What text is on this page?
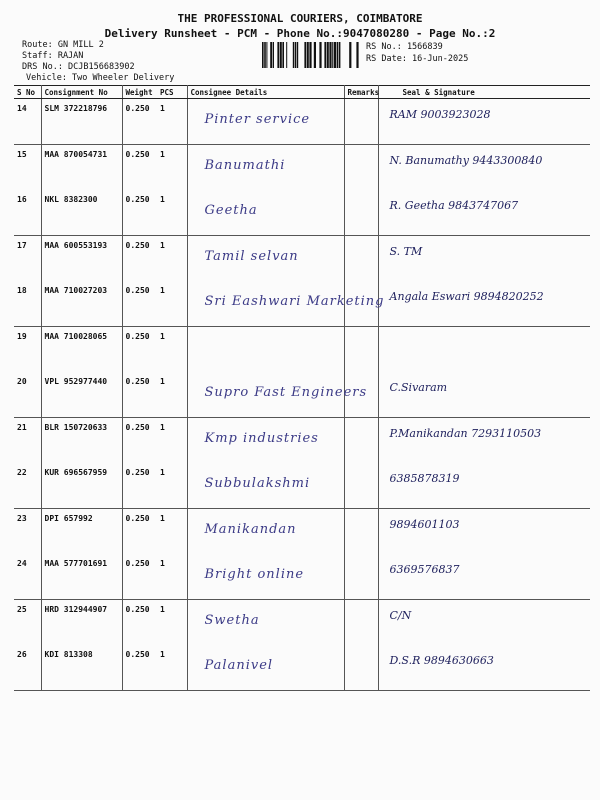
THE PROFESSIONAL COURIERS, COIMBATORE
Delivery Runsheet - PCM - Phone No.:9047080280 - Page No.:2
Route: GN MILL 2
Staff: RAJAN
DRS No.: DCJB156683902
Vehicle: Two Wheeler Delivery
RS No.: 1566839
RS Date: 16-Jun-2025
S No	Consignment No	Weight	PCS	Consignee Details	Remarks	Seal & Signature
14	SLM 372218796	0.250	1	Pinter service		RAM 9003923028

15	MAA 870054731	0.250	1	Banumathi		N. Banumathy 9443300840

16	NKL 8382300	0.250	1	Geetha		R. Geetha 9843747067

17	MAA 600553193	0.250	1	Tamil selvan		S. TM

18	MAA 710027203	0.250	1	Sri Eashwari Marketing		Angala Eswari 9894820252

19	MAA 710028065	0.250	1	

20	VPL 952977440	0.250	1	Supro Fast Engineers		C.Sivaram

21	BLR 150720633	0.250	1	Kmp industries		P.Manikandan 7293110503

22	KUR 696567959	0.250	1	Subbulakshmi		6385878319

23	DPI 657992	0.250	1	Manikandan		9894601103

24	MAA 577701691	0.250	1	Bright online		6369576837

25	HRD 312944907	0.250	1	Swetha		C/N

26	KDI 813308	0.250	1	Palanivel		D.S.R 9894630663
